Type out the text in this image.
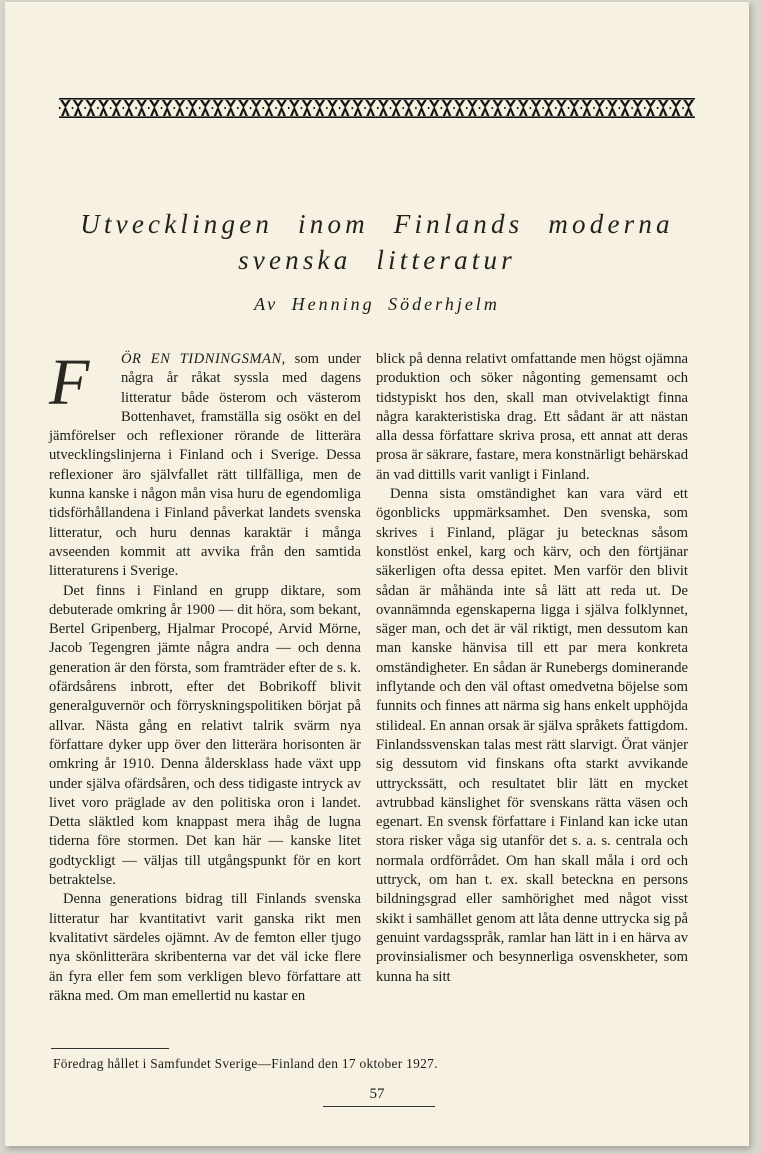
Utvecklingen inom Finlands moderna
svenska litteratur
Av Henning Söderhjelm

F	ÖR EN TIDNINGSMAN, som under några år råkat syssla med dagens litteratur både österom och västerom Bottenhavet, framställa sig osökt en del jämförelser och reflexioner rörande de litterära utvecklingslinjerna i Finland och i Sverige. Dessa reflexioner äro självfallet rätt tillfälliga, men de kunna kanske i någon mån visa huru de egendomliga tidsförhållandena i Finland påverkat landets svenska litteratur, och huru dennas karaktär i många avseenden kommit att avvika från den samtida litteraturens i Sverige.

Det finns i Finland en grupp diktare, som debuterade omkring år 1900 — dit höra, som bekant, Bertel Gripenberg, Hjalmar Procopé, Arvid Mörne, Jacob Tegengren jämte några andra — och denna generation är den första, som framträder efter de s. k. ofärdsårens inbrott, efter det Bobrikoff blivit generalguvernör och förryskningspolitiken börjat på allvar. Nästa gång en relativt talrik svärm nya författare dyker upp över den litterära horisonten är omkring år 1910. Denna åldersklass hade växt upp under själva ofärdsåren, och dess tidigaste intryck av livet voro präglade av den politiska oron i landet. Detta släktled kom knappast mera ihåg de lugna tiderna före stormen. Det kan här — kanske litet godtyckligt — väljas till utgångspunkt för en kort betraktelse.

Denna generations bidrag till Finlands svenska litteratur har kvantitativt varit ganska rikt men kvalitativt särdeles ojämnt. Av de femton eller tjugo nya skönlitterära skribenterna var det väl icke flere än fyra eller fem som verkligen blevo författare att räkna med. Om man emellertid nu kastar en

blick på denna relativt omfattande men högst ojämna produktion och söker någonting gemensamt och tidstypiskt hos den, skall man otvivelaktigt finna några karakteristiska drag. Ett sådant är att nästan alla dessa författare skriva prosa, ett annat att deras prosa är säkrare, fastare, mera konstnärligt behärskad än vad dittills varit vanligt i Finland.

Denna sista omständighet kan vara värd ett ögonblicks uppmärksamhet. Den svenska, som skrives i Finland, plägar ju betecknas såsom konstlöst enkel, karg och kärv, och den förtjänar säkerligen ofta dessa epitet. Men varför den blivit sådan är måhända inte så lätt att reda ut. De ovannämnda egenskaperna ligga i själva folklynnet, säger man, och det är väl riktigt, men dessutom kan man kanske hänvisa till ett par mera konkreta omständigheter. En sådan är Runebergs dominerande inflytande och den väl oftast omedvetna böjelse som funnits och finnes att närma sig hans enkelt upphöjda stilideal. En annan orsak är själva språkets fattigdom. Finlandssvenskan talas mest rätt slarvigt. Örat vänjer sig dessutom vid finskans ofta starkt avvikande uttryckssätt, och resultatet blir lätt en mycket avtrubbad känslighet för svenskans rätta väsen och egenart. En svensk författare i Finland kan icke utan stora risker våga sig utanför det s. a. s. centrala och normala ordförrådet. Om han skall måla i ord och uttryck, om han t. ex. skall beteckna en persons bildningsgrad eller samhörighet med något visst skikt i samhället genom att låta denne uttrycka sig på genuint vardagsspråk, ramlar han lätt in i en härva av provinsialismer och besynnerliga osvenskheter, som kunna ha sitt

Föredrag hållet i Samfundet Sverige—Finland den 17 oktober 1927.
57
